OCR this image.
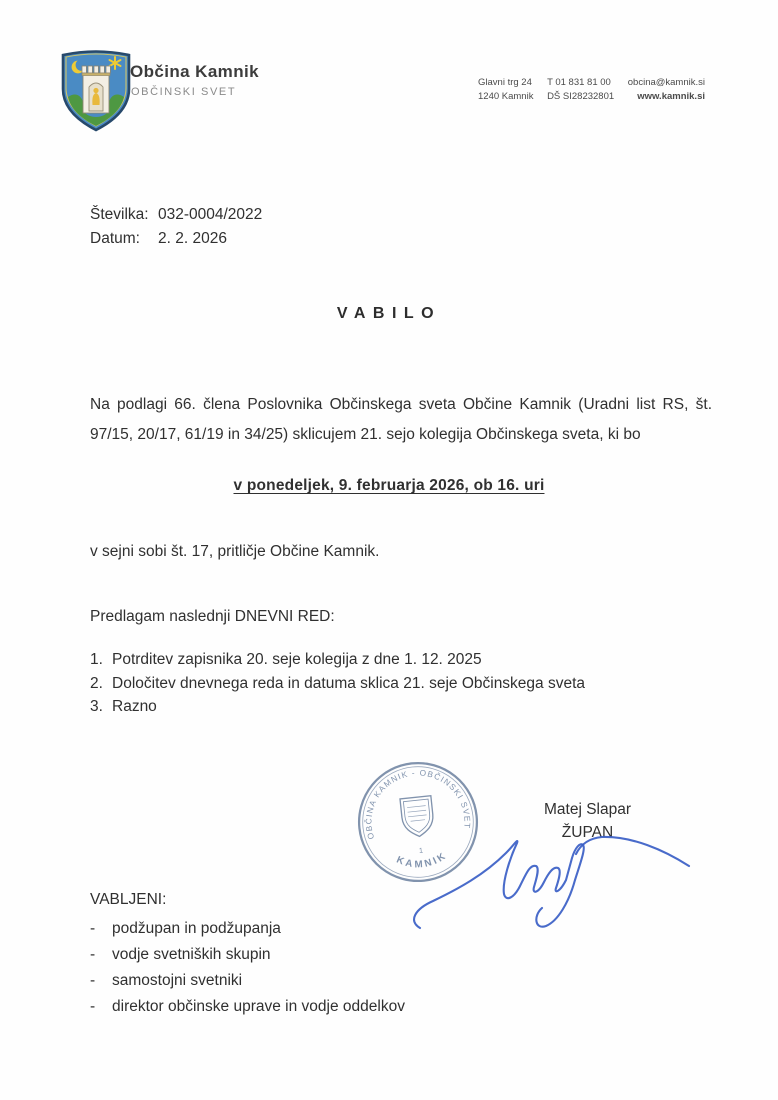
Občina Kamnik
OBČINSKI SVET
Glavni trg 24
1240 Kamnik
T 01 831 81 00
DŠ SI28232801
obcina@kamnik.si
www.kamnik.si
Številka: 032-0004/2022
Datum: 2. 2. 2026
VABILO
Na podlagi 66. člena Poslovnika Občinskega sveta Občine Kamnik (Uradni list RS, št.
97/15, 20/17, 61/19 in 34/25) sklicujem 21. sejo kolegija Občinskega sveta, ki bo
v ponedeljek, 9. februarja 2026, ob 16. uri
v sejni sobi št. 17, pritličje Občine Kamnik.
Predlagam naslednji DNEVNI RED:
1. Potrditev zapisnika 20. seje kolegija z dne 1. 12. 2025
2. Določitev dnevnega reda in datuma sklica 21. seje Občinskega sveta
3. Razno
OBČINA KAMNIK - OBČINSKI SVET
KAMNIK
1
Matej Slapar
ŽUPAN
VABLJENI:
-	podžupan in podžupanja
-	vodje svetniških skupin
-	samostojni svetniki
-	direktor občinske uprave in vodje oddelkov
